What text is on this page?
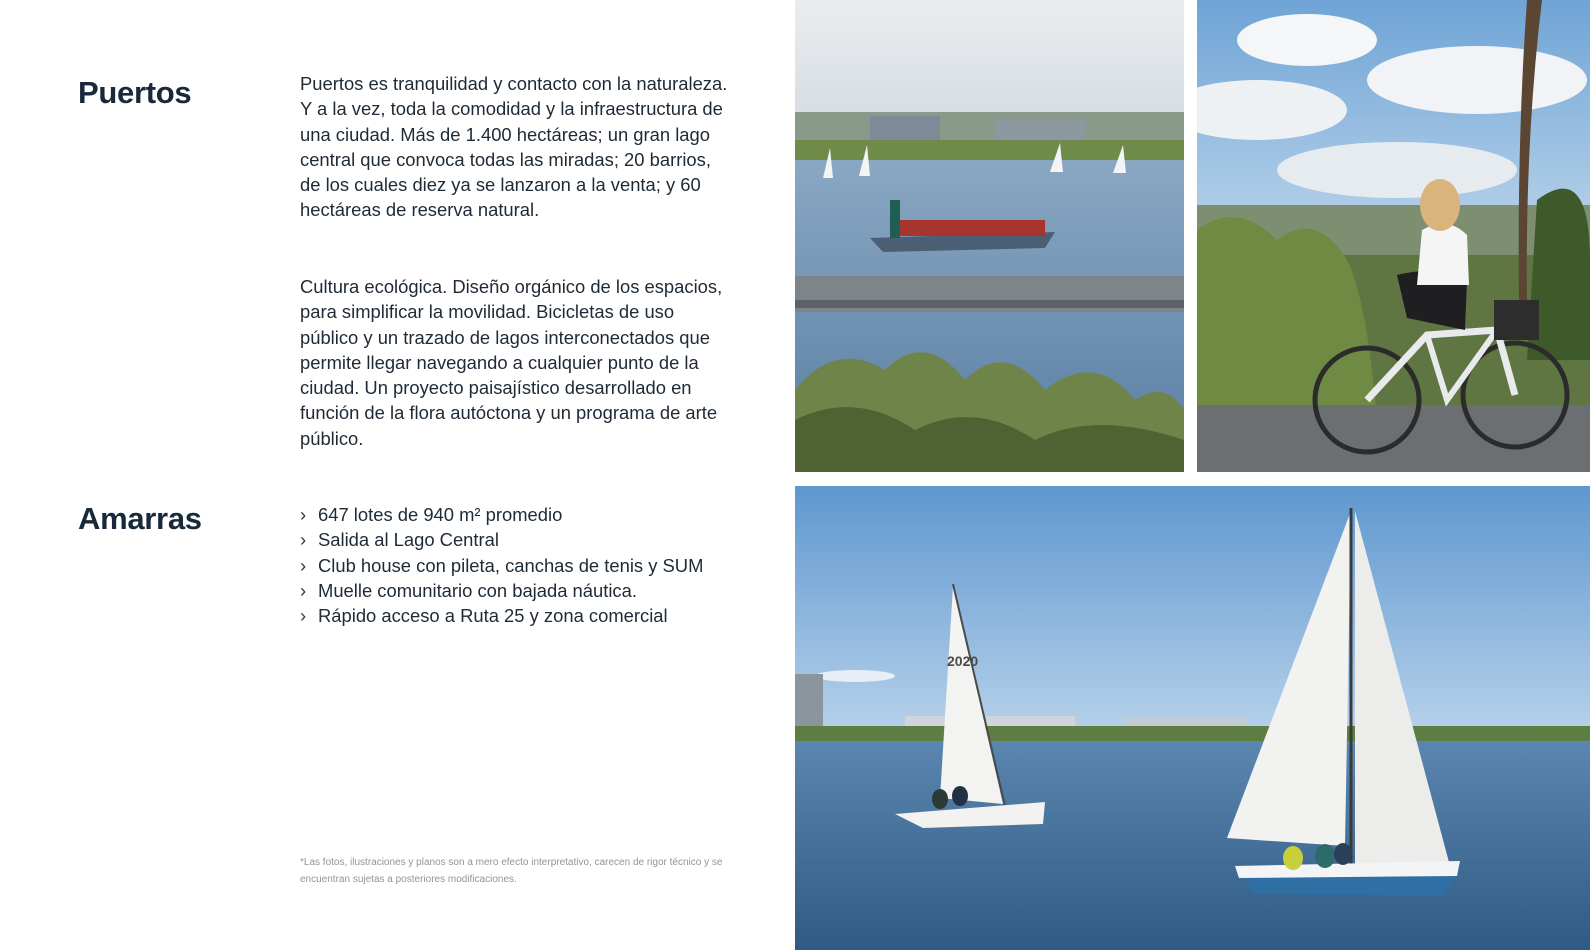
Puertos	Puertos es tranquilidad y contacto con la naturaleza. Y a la vez, toda la comodidad y la infraestructura de una ciudad. Más de 1.400 hectáreas; un gran lago central que convoca todas las miradas; 20 barrios, de los cuales diez ya se lanzaron a la venta; y 60 hectáreas de reserva natural.

Cultura ecológica. Diseño orgánico de los espacios, para simplificar la movilidad. Bicicletas de uso público y un trazado de lagos interconectados que permite llegar navegando a cualquier punto de la ciudad. Un proyecto paisajístico desarrollado en función de la flora autóctona y un programa de arte público.

Amarras	› 647 lotes de 940 m² promedio
› Salida al Lago Central
› Club house con pileta, canchas de tenis y SUM
› Muelle comunitario con bajada náutica.
› Rápido acceso a Ruta 25 y zona comercial

*Las fotos, ilustraciones y planos son a mero efecto interpretativo, carecen de rigor técnico y se encuentran sujetas a posteriores modificaciones.

2020
